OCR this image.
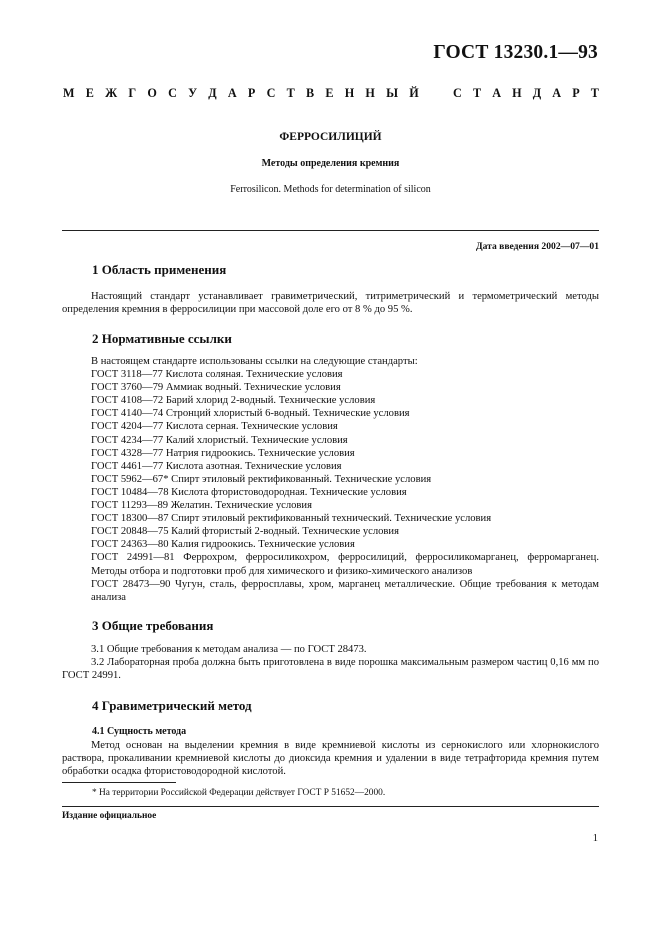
ГОСТ 13230.1—93
М Е Ж Г О С У Д А Р С Т В Е Н Н Ы Й	С Т А Н Д А Р Т
ФЕРРОСИЛИЦИЙ
Методы определения кремния
Ferrosilicon. Methods for determination of silicon
Дата введения 2002—07—01
1 Область применения
Настоящий стандарт устанавливает гравиметрический, титриметрический и термометрический методы определения кремния в ферросилиции при массовой доле его от 8 % до 95 %.
2 Нормативные ссылки
В настоящем стандарте использованы ссылки на следующие стандарты:
ГОСТ 3118—77 Кислота соляная. Технические условия
ГОСТ 3760—79 Аммиак водный. Технические условия
ГОСТ 4108—72 Барий хлорид 2-водный. Технические условия
ГОСТ 4140—74 Стронций хлористый 6-водный. Технические условия
ГОСТ 4204—77 Кислота серная. Технические условия
ГОСТ 4234—77 Калий хлористый. Технические условия
ГОСТ 4328—77 Натрия гидроокись. Технические условия
ГОСТ 4461—77 Кислота азотная. Технические условия
ГОСТ 5962—67* Спирт этиловый ректификованный. Технические условия
ГОСТ 10484—78 Кислота фтористоводородная. Технические условия
ГОСТ 11293—89 Желатин. Технические условия
ГОСТ 18300—87 Спирт этиловый ректификованный технический. Технические условия
ГОСТ 20848—75 Калий фтористый 2-водный. Технические условия
ГОСТ 24363—80 Калия гидроокись. Технические условия
ГОСТ 24991—81 Феррохром, ферросиликохром, ферросилиций, ферросиликомарганец, ферромарганец. Методы отбора и подготовки проб для химического и физико-химического анализов
ГОСТ 28473—90 Чугун, сталь, ферросплавы, хром, марганец металлические. Общие требования к методам анализа
3 Общие требования
3.1 Общие требования к методам анализа — по ГОСТ 28473.
3.2 Лабораторная проба должна быть приготовлена в виде порошка максимальным размером частиц 0,16 мм по ГОСТ 24991.
4 Гравиметрический метод
4.1 Сущность метода
Метод основан на выделении кремния в виде кремниевой кислоты из сернокислого или хлорнокислого раствора, прокаливании кремниевой кислоты до диоксида кремния и удалении в виде тетрафторида кремния путем обработки осадка фтористоводородной кислотой.
* На территории Российской Федерации действует ГОСТ Р 51652—2000.
Издание официальное
1
